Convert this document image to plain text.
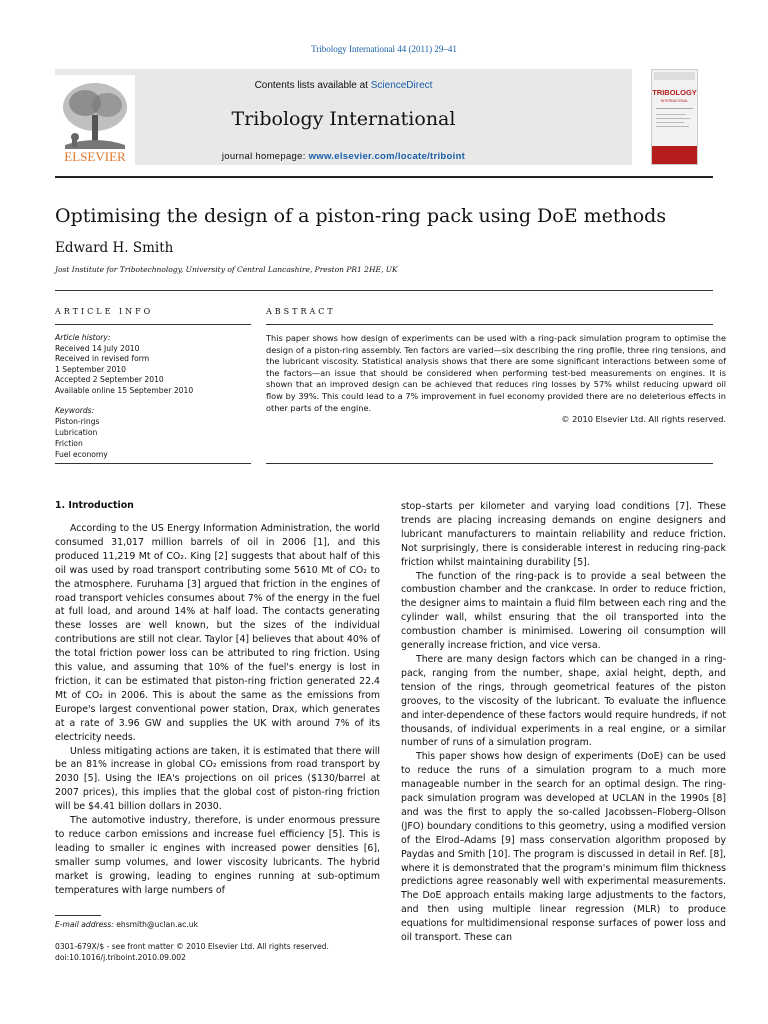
Tribology International 44 (2011) 29–41
ELSEVIER
Contents lists available at ScienceDirect
Tribology International
journal homepage: www.elsevier.com/locate/triboint
TRIBOLOGY
INTERNATIONAL
Optimising the design of a piston-ring pack using DoE methods
Edward H. Smith
Jost Institute for Tribotechnology, University of Central Lancashire, Preston PR1 2HE, UK
ARTICLE INFO	ABSTRACT
Article history:
Received 14 July 2010
Received in revised form
1 September 2010
Accepted 2 September 2010
Available online 15 September 2010
Keywords:
Piston-rings
Lubrication
Friction
Fuel economy
This paper shows how design of experiments can be used with a ring-pack simulation program to optimise the design of a piston-ring assembly. Ten factors are varied—six describing the ring profile, three ring tensions, and the lubricant viscosity. Statistical analysis shows that there are some significant interactions between some of the factors—an issue that should be considered when performing test-bed measurements on engines. It is shown that an improved design can be achieved that reduces ring losses by 57% whilst reducing upward oil flow by 39%. This could lead to a 7% improvement in fuel economy provided there are no deleterious effects in other parts of the engine.
© 2010 Elsevier Ltd. All rights reserved.
1. Introduction

According to the US Energy Information Administration, the world consumed 31,017 million barrels of oil in 2006 [1], and this produced 11,219 Mt of CO₂. King [2] suggests that about half of this oil was used by road transport contributing some 5610 Mt of CO₂ to the atmosphere. Furuhama [3] argued that friction in the engines of road transport vehicles consumes about 7% of the energy in the fuel at full load, and around 14% at half load. The contacts generating these losses are well known, but the sizes of the individual contributions are still not clear. Taylor [4] believes that about 40% of the total friction power loss can be attributed to ring friction. Using this value, and assuming that 10% of the fuel's energy is lost in friction, it can be estimated that piston-ring friction generated 22.4 Mt of CO₂ in 2006. This is about the same as the emissions from Europe's largest conventional power station, Drax, which generates at a rate of 3.96 GW and supplies the UK with around 7% of its electricity needs.

Unless mitigating actions are taken, it is estimated that there will be an 81% increase in global CO₂ emissions from road transport by 2030 [5]. Using the IEA's projections on oil prices ($130/barrel at 2007 prices), this implies that the global cost of piston-ring friction will be $4.41 billion dollars in 2030.

The automotive industry, therefore, is under enormous pressure to reduce carbon emissions and increase fuel efficiency [5]. This is leading to smaller ic engines with increased power densities [6], smaller sump volumes, and lower viscosity lubricants. The hybrid market is growing, leading to engines running at sub-optimum temperatures with large numbers of

stop–starts per kilometer and varying load conditions [7]. These trends are placing increasing demands on engine designers and lubricant manufacturers to maintain reliability and reduce friction. Not surprisingly, there is considerable interest in reducing ring-pack friction whilst maintaining durability [5].

The function of the ring-pack is to provide a seal between the combustion chamber and the crankcase. In order to reduce friction, the designer aims to maintain a fluid film between each ring and the cylinder wall, whilst ensuring that the oil transported into the combustion chamber is minimised. Lowering oil consumption will generally increase friction, and vice versa.

There are many design factors which can be changed in a ring-pack, ranging from the number, shape, axial height, depth, and tension of the rings, through geometrical features of the piston grooves, to the viscosity of the lubricant. To evaluate the influence and inter-dependence of these factors would require hundreds, if not thousands, of individual experiments in a real engine, or a similar number of runs of a simulation program.

This paper shows how design of experiments (DoE) can be used to reduce the runs of a simulation program to a much more manageable number in the search for an optimal design. The ring-pack simulation program was developed at UCLAN in the 1990s [8] and was the first to apply the so-called Jacobssen–Floberg–Ollson (JFO) boundary conditions to this geometry, using a modified version of the Elrod–Adams [9] mass conservation algorithm proposed by Paydas and Smith [10]. The program is discussed in detail in Ref. [8], where it is demonstrated that the program's minimum film thickness predictions agree reasonably well with experimental measurements. The DoE approach entails making large adjustments to the factors, and then using multiple linear regression (MLR) to produce equations for multidimensional response surfaces of power loss and oil transport. These can

E-mail address: ehsmith@uclan.ac.uk
0301-679X/$ - see front matter © 2010 Elsevier Ltd. All rights reserved.
doi:10.1016/j.triboint.2010.09.002
